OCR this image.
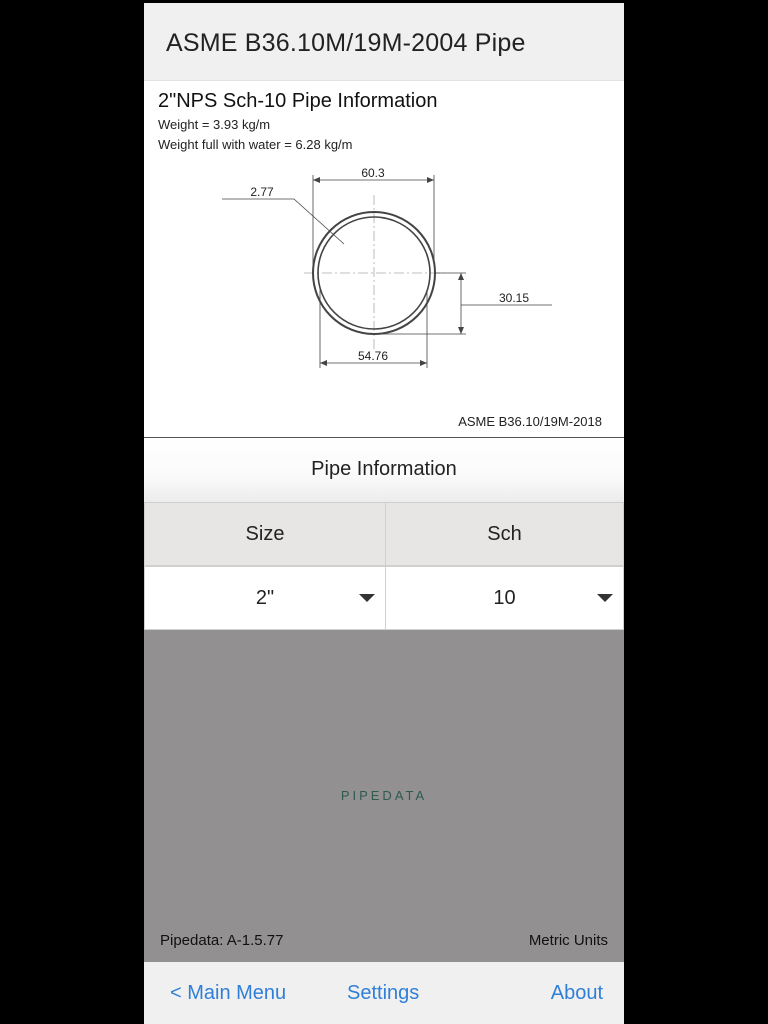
ASME B36.10M/19M-2004 Pipe
2"NPS Sch-10 Pipe Information
Weight = 3.93 kg/m
Weight full with water = 6.28 kg/m
60.3
2.77
30.15
54.76
ASME B36.10/19M-2018
Pipe Information
Size	Sch
2"	10
PIPEDATA
Pipedata: A-1.5.77	Metric Units
< Main Menu	Settings	About
